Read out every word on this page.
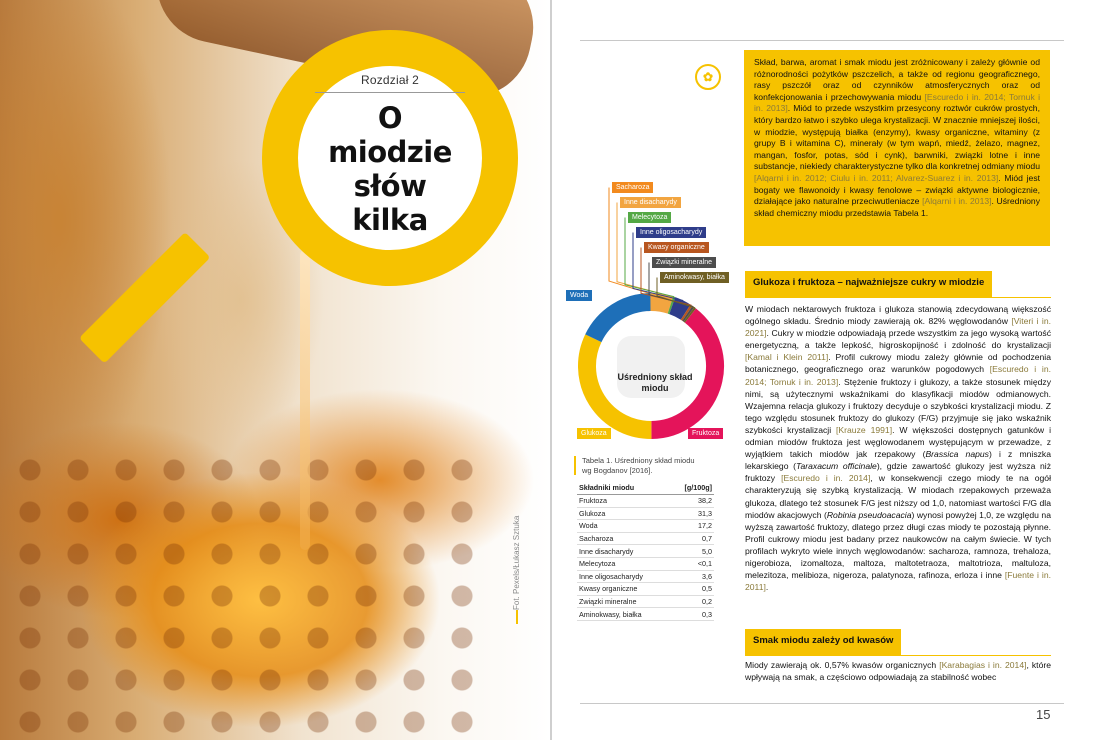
Rozdział 2
O miodzie słów kilka
Fot. Pexels/Łukasz Sztuka
✿
Skład, barwa, aromat i smak miodu jest zróżnicowany i zależy głównie od różnorodności pożytków pszczelich, a także od regionu geograficznego, rasy pszczół oraz od czynników atmosferycznych oraz od konfekcjonowania i przechowywania miodu [Escuredo i in. 2014; Tornuk i in. 2013]. Miód to przede wszystkim przesycony roztwór cukrów prostych, który bardzo łatwo i szybko ulega krystalizacji. W znacznie mniejszej ilości, w miodzie, występują białka (enzymy), kwasy organiczne, witaminy (z grupy B i witamina C), minerały (w tym wapń, miedź, żelazo, magnez, mangan, fosfor, potas, sód i cynk), barwniki, związki lotne i inne substancje, niekiedy charakterystyczne tylko dla konkretnej odmiany miodu [Alqarni i in. 2012; Ciulu i in. 2011; Alvarez-Suarez i in. 2013]. Miód jest bogaty we flawonoidy i kwasy fenolowe – związki aktywne biologicznie, działające jako naturalne przeciwutleniacze [Alqarni i in. 2013]. Uśredniony skład chemiczny miodu przedstawia Tabela 1.
Uśredniony skład miodu
Sacharoza
Inne disacharydy
Melecytoza
Inne oligosacharydy
Kwasy organiczne
Związki mineralne
Aminokwasy, białka
Woda
Glukoza	Fruktoza
Tabela 1. Uśredniony skład miodu wg Bogdanov [2016].
Składniki miodu	[g/100g]
Fruktoza	38,2
Glukoza	31,3
Woda	17,2
Sacharoza	0,7
Inne disacharydy	5,0
Melecytoza	<0,1
Inne oligosacharydy	3,6
Kwasy organiczne	0,5
Związki mineralne	0,2
Aminokwasy, białka	0,3
Glukoza i fruktoza – najważniejsze cukry w miodzie
W miodach nektarowych fruktoza i glukoza stanowią zdecydowaną większość ogólnego składu. Średnio miody zawierają ok. 82% węglowodanów [Viteri i in. 2021]. Cukry w miodzie odpowiadają przede wszystkim za jego wysoką wartość energetyczną, a także lepkość, higroskopijność i zdolność do krystalizacji [Kamal i Klein 2011]. Profil cukrowy miodu zależy głównie od pochodzenia botanicznego, geograficznego oraz warunków pogodowych [Escuredo i in. 2014; Tornuk i in. 2013]. Stężenie fruktozy i glukozy, a także stosunek między nimi, są użytecznymi wskaźnikami do klasyfikacji miodów odmianowych. Wzajemna relacja glukozy i fruktozy decyduje o szybkości krystalizacji miodu. Z tego względu stosunek fruktozy do glukozy (F/G) przyjmuje się jako wskaźnik szybkości krystalizacji [Krauze 1991]. W większości dostępnych gatunków i odmian miodów fruktoza jest węglowodanem występującym w przewadze, z wyjątkiem takich miodów jak rzepakowy (Brassica napus) i z mniszka lekarskiego (Taraxacum officinale), gdzie zawartość glukozy jest wyższa niż fruktozy [Escuredo i in. 2014], w konsekwencji czego miody te na ogół charakteryzują się szybką krystalizacją. W miodach rzepakowych przeważa glukoza, dlatego też stosunek F/G jest niższy od 1,0, natomiast wartości F/G dla miodów akacjowych (Robinia pseudoacacia) wynosi powyżej 1,0, ze względu na wyższą zawartość fruktozy, dlatego przez długi czas miody te pozostają płynne. Profil cukrowy miodu jest badany przez naukowców na całym świecie. W tych profilach wykryto wiele innych węglowodanów: sacharoza, ramnoza, trehaloza, nigerobioza, izomaltoza, maltoza, maltotetraoza, maltotrioza, maltuloza, melezitoza, melibioza, nigeroza, palatynoza, rafinoza, erloza i inne [Fuente i in. 2011].
Smak miodu zależy od kwasów
Miody zawierają ok. 0,57% kwasów organicznych [Karabagias i in. 2014], które wpływają na smak, a częściowo odpowiadają za stabilność wobec
15
